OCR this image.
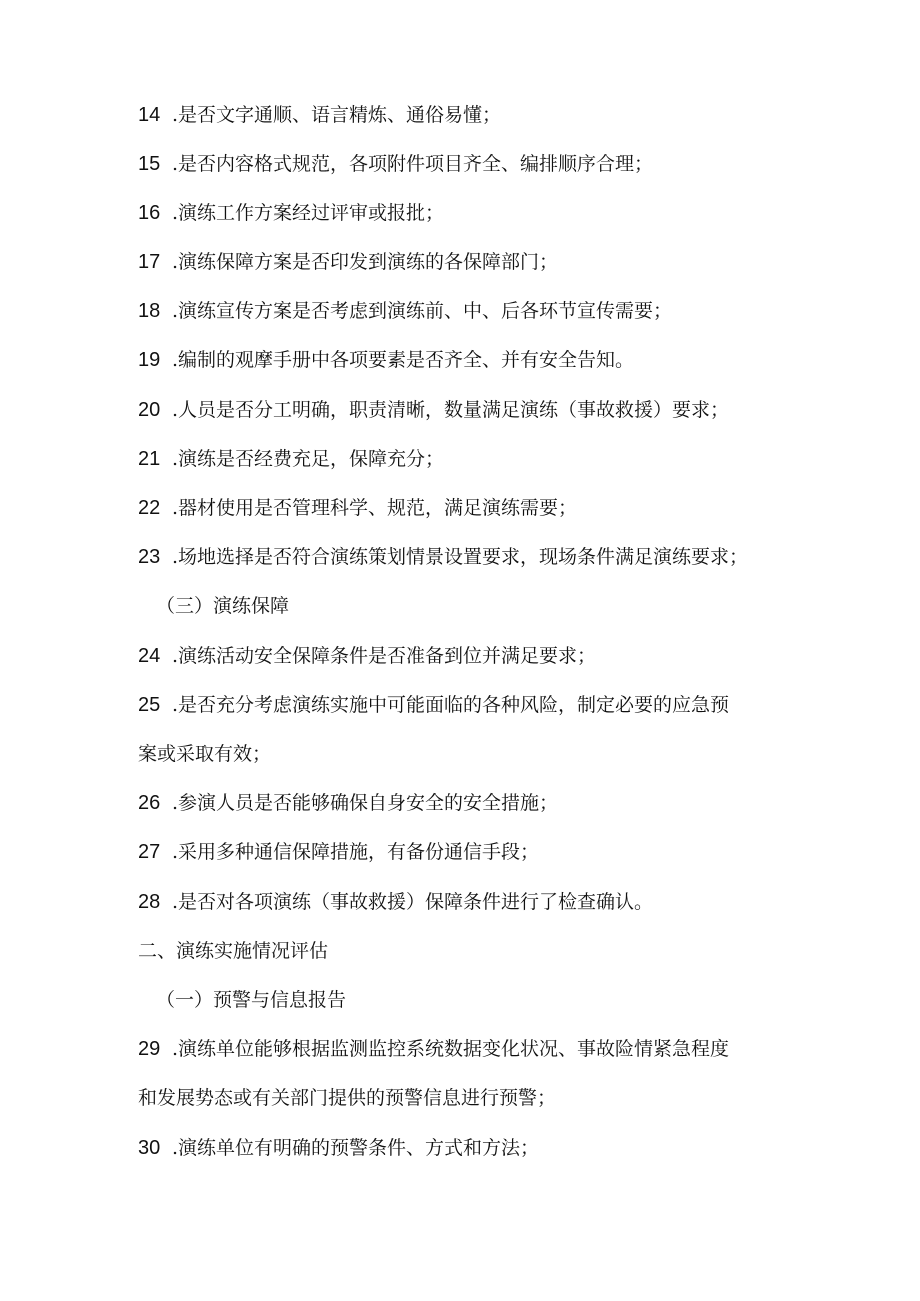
14 .是否文字通顺、语言精炼、通俗易懂；
15 .是否内容格式规范，各项附件项目齐全、编排顺序合理；
16 .演练工作方案经过评审或报批；
17 .演练保障方案是否印发到演练的各保障部门；
18 .演练宣传方案是否考虑到演练前、中、后各环节宣传需要；
19 .编制的观摩手册中各项要素是否齐全、并有安全告知。
20 .人员是否分工明确，职责清晰，数量满足演练（事故救援）要求；
21 .演练是否经费充足，保障充分；
22 .器材使用是否管理科学、规范，满足演练需要；
23 .场地选择是否符合演练策划情景设置要求，现场条件满足演练要求；
（三）演练保障
24 .演练活动安全保障条件是否准备到位并满足要求；
25 .是否充分考虑演练实施中可能面临的各种风险，制定必要的应急预
案或采取有效；
26 .参演人员是否能够确保自身安全的安全措施；
27 .采用多种通信保障措施，有备份通信手段；
28 .是否对各项演练（事故救援）保障条件进行了检查确认。
二、演练实施情况评估
（一）预警与信息报告
29 .演练单位能够根据监测监控系统数据变化状况、事故险情紧急程度
和发展势态或有关部门提供的预警信息进行预警；
30 .演练单位有明确的预警条件、方式和方法；
